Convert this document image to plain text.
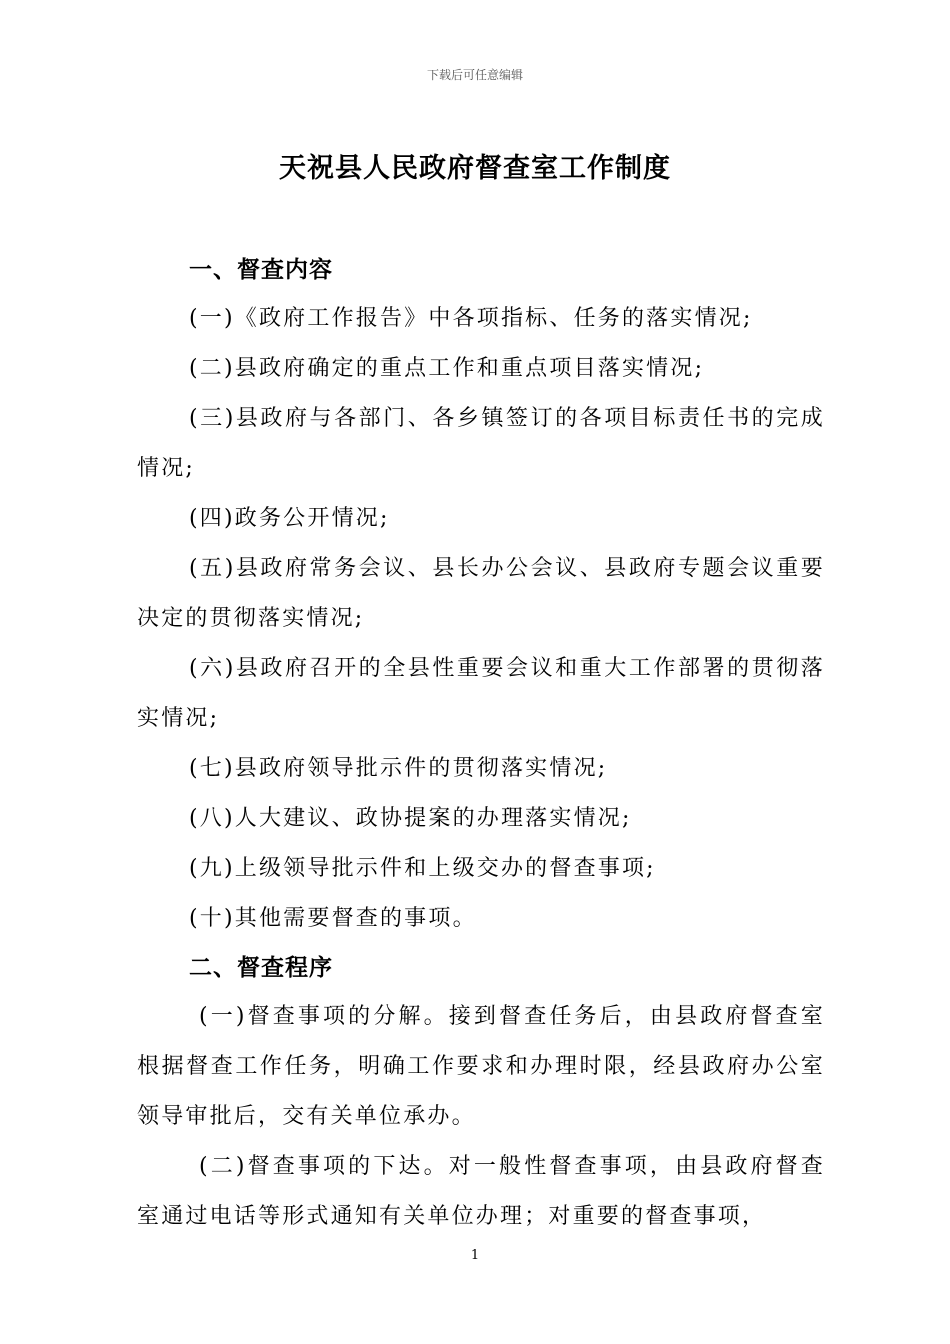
下载后可任意编辑
天祝县人民政府督查室工作制度
一、督查内容

(一)《政府工作报告》中各项指标、任务的落实情况;

(二)县政府确定的重点工作和重点项目落实情况;

(三)县政府与各部门、各乡镇签订的各项目标责任书的完成情况;

(四)政务公开情况;

(五)县政府常务会议、县长办公会议、县政府专题会议重要决定的贯彻落实情况;

(六)县政府召开的全县性重要会议和重大工作部署的贯彻落实情况;

(七)县政府领导批示件的贯彻落实情况;

(八)人大建议、政协提案的办理落实情况;

(九)上级领导批示件和上级交办的督查事项;

(十)其他需要督查的事项。

二、督查程序

(一)督查事项的分解。接到督查任务后，由县政府督查室根据督查工作任务，明确工作要求和办理时限，经县政府办公室领导审批后，交有关单位承办。

(二)督查事项的下达。对一般性督查事项，由县政府督查室通过电话等形式通知有关单位办理；对重要的督查事项，

1
